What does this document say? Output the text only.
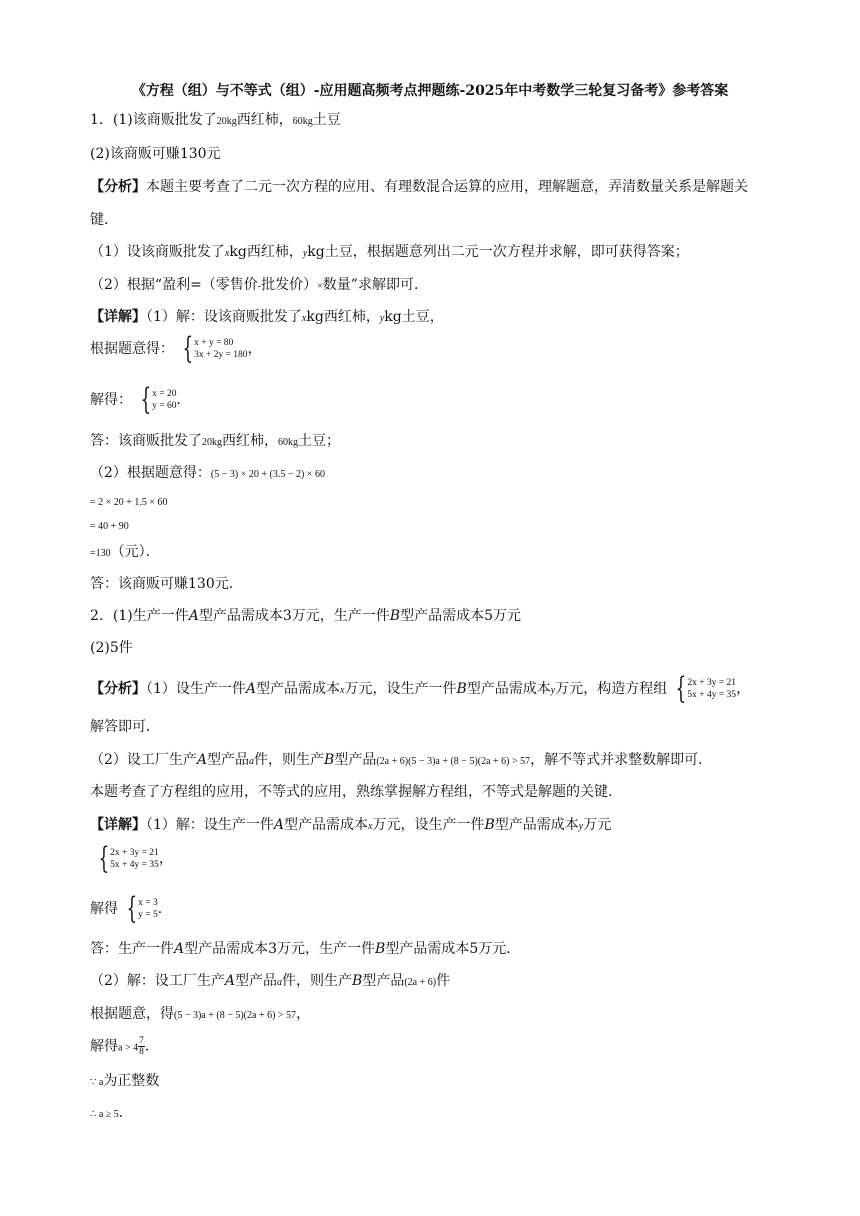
《方程（组）与不等式（组）-应用题高频考点押题练-2025年中考数学三轮复习备考》参考答案
1．(1)该商贩批发了20kg西红柿，60kg土豆
(2)该商贩可赚130元
【分析】本题主要考查了二元一次方程的应用、有理数混合运算的应用，理解题意，弄清数量关系是解题关
键．
（1）设该商贩批发了xkg西红柿，ykg土豆，根据题意列出二元一次方程并求解，即可获得答案；
（2）根据“盈利=（零售价-批发价）×数量”求解即可．
【详解】（1）解：设该商贩批发了xkg西红柿，ykg土豆，
根据题意得： { x + y = 80
3x + 2y = 180 ，
解得： { x = 20
y = 60 ．
答：该商贩批发了20kg西红柿，60kg土豆；
（2）根据题意得：(5 − 3) × 20 + (3.5 − 2) × 60
= 2 × 20 + 1.5 × 60
= 40 + 90
=130（元）．
答：该商贩可赚130元．
2．(1)生产一件A型产品需成本3万元，生产一件B型产品需成本5万元
(2)5件
【分析】（1）设生产一件A型产品需成本x万元，设生产一件B型产品需成本y万元，构造方程组 { 2x + 3y = 21
5x + 4y = 35 ，
解答即可．
（2）设工厂生产A型产品a件，则生产B型产品(2a + 6)(5 − 3)a + (8 − 5)(2a + 6) > 57，解不等式并求整数解即可．
本题考查了方程组的应用，不等式的应用，熟练掌握解方程组，不等式是解题的关键．
【详解】（1）解：设生产一件A型产品需成本x万元，设生产一件B型产品需成本y万元
{ 2x + 3y = 21
5x + 4y = 35 ，
解得 { x = 3
y = 5 ．
答：生产一件A型产品需成本3万元，生产一件B型产品需成本5万元．
（2）解：设工厂生产A型产品a件，则生产B型产品(2a + 6)件
根据题意，得(5 − 3)a + (8 − 5)(2a + 6) > 57，
解得$a > 4 \frac{7}{8}$ ．
∵ a为正整数
∴ a ≥ 5．
